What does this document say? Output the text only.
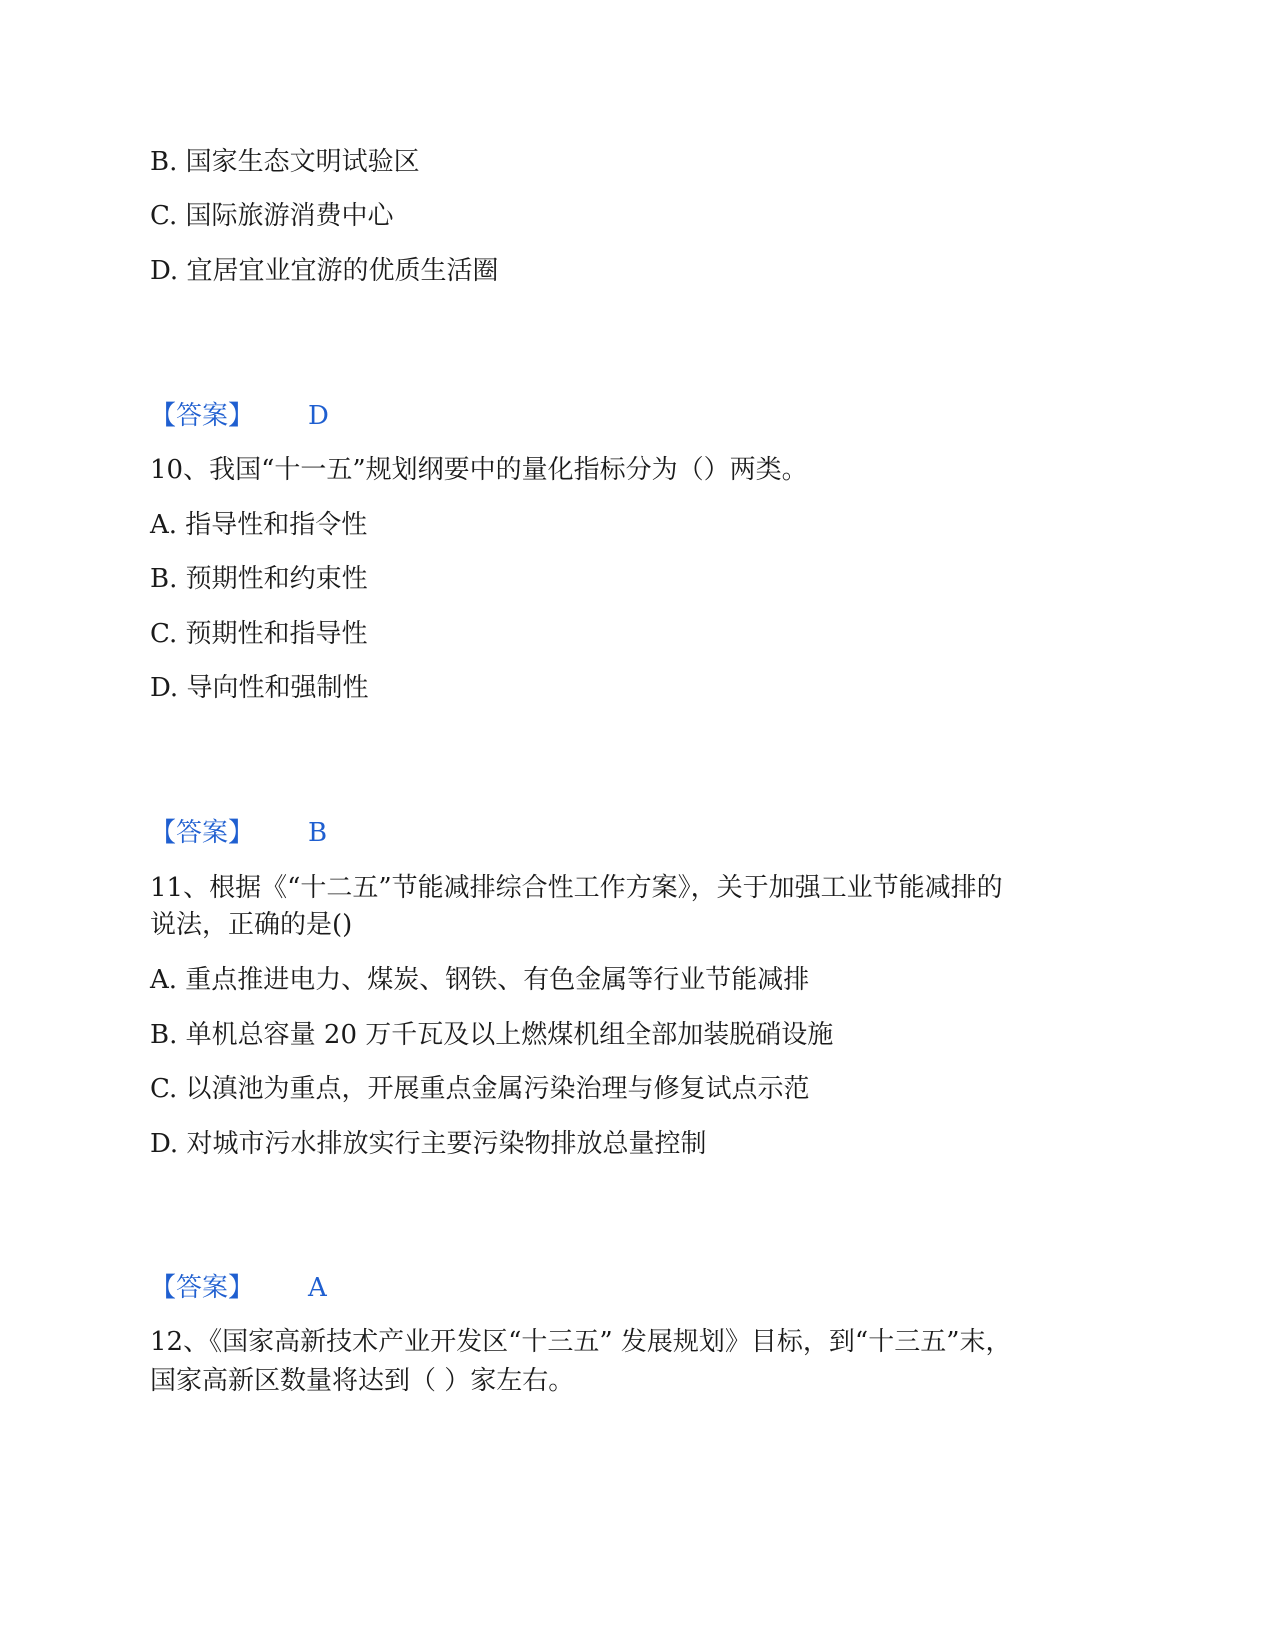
B. 国家生态文明试验区
C. 国际旅游消费中心
D. 宜居宜业宜游的优质生活圈
【答案】 D
10、我国“十一五”规划纲要中的量化指标分为（）两类。
A. 指导性和指令性
B. 预期性和约束性
C. 预期性和指导性
D. 导向性和强制性
【答案】 B
11、根据《“十二五”节能减排综合性工作方案》，关于加强工业节能减排的
说法，正确的是()
A. 重点推进电力、煤炭、钢铁、有色金属等行业节能减排
B. 单机总容量 20 万千瓦及以上燃煤机组全部加装脱硝设施
C. 以滇池为重点，开展重点金属污染治理与修复试点示范
D. 对城市污水排放实行主要污染物排放总量控制
【答案】 A
12、《国家高新技术产业开发区“十三五” 发展规划》目标，到“十三五”末，
国家高新区数量将达到（ ）家左右。
